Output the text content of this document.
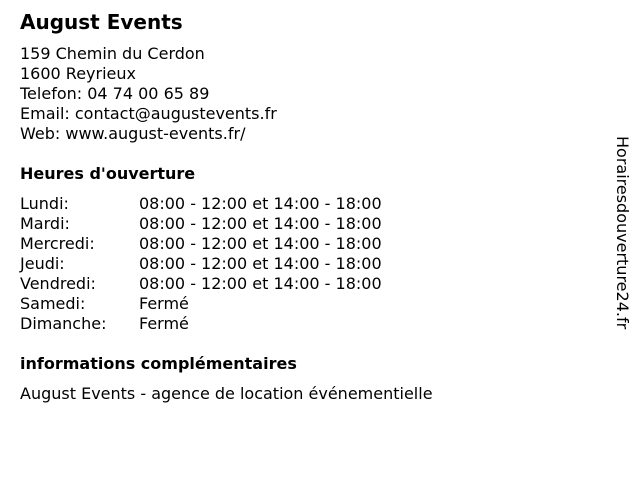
August Events
159 Chemin du Cerdon
1600 Reyrieux
Telefon: 04 74 00 65 89
Email: contact@augustevents.fr
Web: www.august-events.fr/
Heures d'ouverture
Lundi:	08:00 - 12:00 et 14:00 - 18:00
Mardi:	08:00 - 12:00 et 14:00 - 18:00
Mercredi:	08:00 - 12:00 et 14:00 - 18:00
Jeudi:	08:00 - 12:00 et 14:00 - 18:00
Vendredi:	08:00 - 12:00 et 14:00 - 18:00
Samedi:	Fermé
Dimanche: Fermé
informations complémentaires
August Events - agence de location événementielle
Horairesdouverture24.fr
